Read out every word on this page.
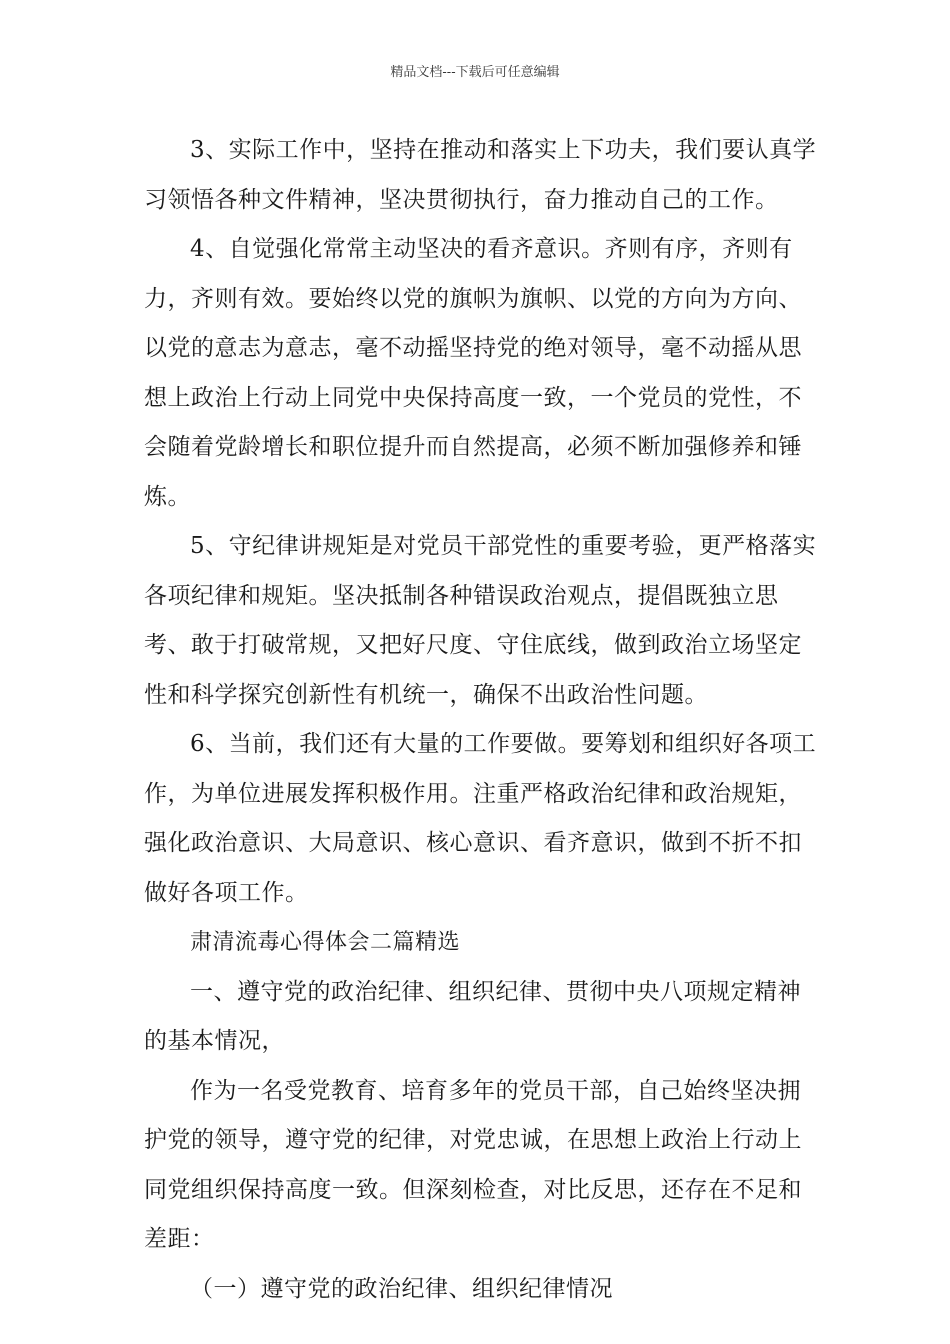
精品文档---下载后可任意编辑

3、实际工作中，坚持在推动和落实上下功夫，我们要认真学习领悟各种文件精神，坚决贯彻执行，奋力推动自己的工作。

4、自觉强化常常主动坚决的看齐意识。齐则有序，齐则有力，齐则有效。要始终以党的旗帜为旗帜、以党的方向为方向、以党的意志为意志，毫不动摇坚持党的绝对领导，毫不动摇从思想上政治上行动上同党中央保持高度一致，一个党员的党性，不会随着党龄增长和职位提升而自然提高，必须不断加强修养和锤炼。

5、守纪律讲规矩是对党员干部党性的重要考验，更严格落实各项纪律和规矩。坚决抵制各种错误政治观点，提倡既独立思考、敢于打破常规，又把好尺度、守住底线，做到政治立场坚定性和科学探究创新性有机统一，确保不出政治性问题。

6、当前，我们还有大量的工作要做。要筹划和组织好各项工作，为单位进展发挥积极作用。注重严格政治纪律和政治规矩，强化政治意识、大局意识、核心意识、看齐意识，做到不折不扣做好各项工作。

肃清流毒心得体会二篇精选

一、遵守党的政治纪律、组织纪律、贯彻中央八项规定精神的基本情况，

作为一名受党教育、培育多年的党员干部，自己始终坚决拥护党的领导，遵守党的纪律，对党忠诚，在思想上政治上行动上同党组织保持高度一致。但深刻检查，对比反思，还存在不足和差距：

（一）遵守党的政治纪律、组织纪律情况
